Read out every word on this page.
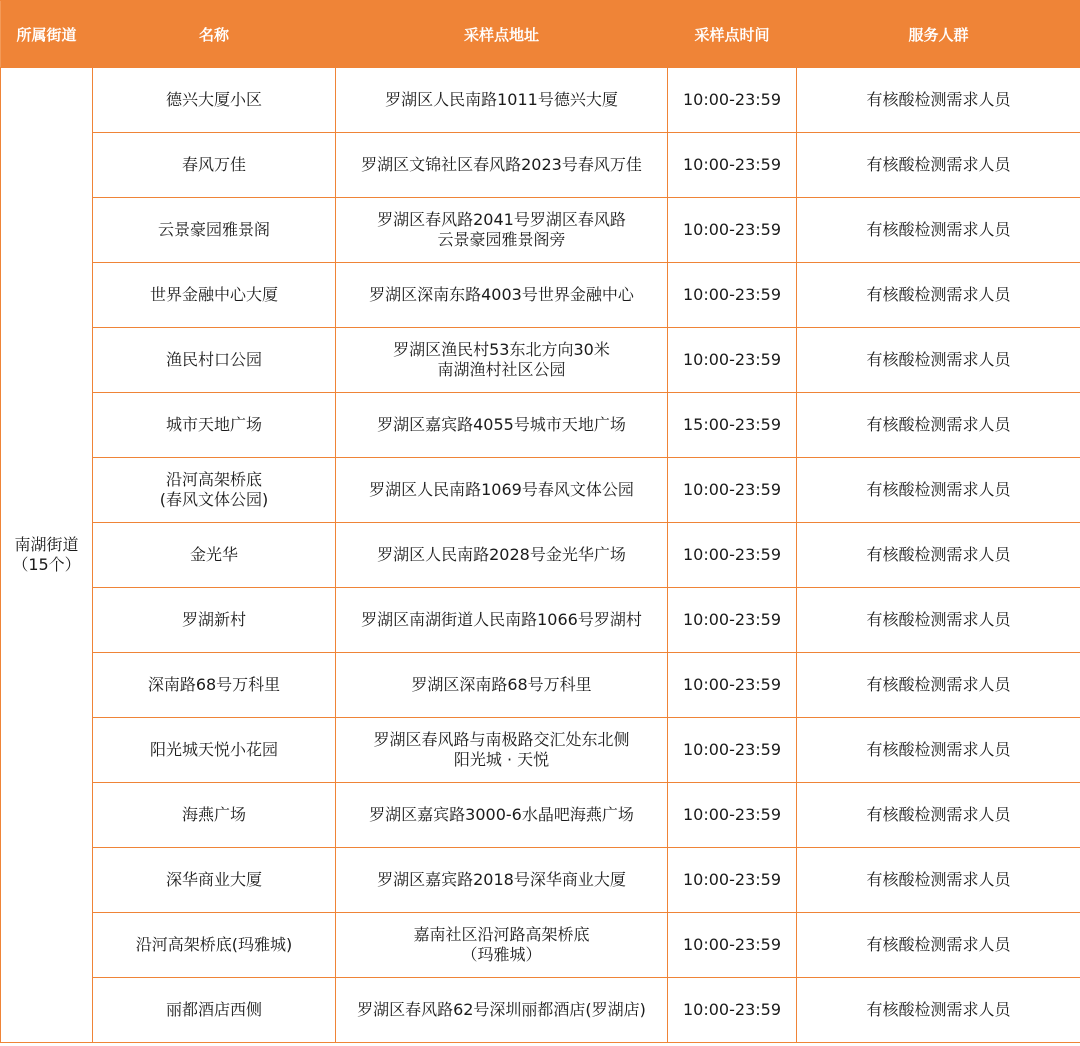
所属街道	名称	采样点地址	采样点时间	服务人群
南湖街道
（15个）	德兴大厦小区	罗湖区人民南路1011号德兴大厦	10:00-23:59	有核酸检测需求人员
	春风万佳	罗湖区文锦社区春风路2023号春风万佳	10:00-23:59	有核酸检测需求人员
	云景豪园雅景阁	罗湖区春风路2041号罗湖区春风路
云景豪园雅景阁旁	10:00-23:59	有核酸检测需求人员
	世界金融中心大厦	罗湖区深南东路4003号世界金融中心	10:00-23:59	有核酸检测需求人员
	渔民村口公园	罗湖区渔民村53东北方向30米
南湖渔村社区公园	10:00-23:59	有核酸检测需求人员
	城市天地广场	罗湖区嘉宾路4055号城市天地广场	15:00-23:59	有核酸检测需求人员
	沿河高架桥底
(春风文体公园)	罗湖区人民南路1069号春风文体公园	10:00-23:59	有核酸检测需求人员
	金光华	罗湖区人民南路2028号金光华广场	10:00-23:59	有核酸检测需求人员
	罗湖新村	罗湖区南湖街道人民南路1066号罗湖村	10:00-23:59	有核酸检测需求人员
	深南路68号万科里	罗湖区深南路68号万科里	10:00-23:59	有核酸检测需求人员
	阳光城天悦小花园	罗湖区春风路与南极路交汇处东北侧
阳光城 · 天悦	10:00-23:59	有核酸检测需求人员
	海燕广场	罗湖区嘉宾路3000-6水晶吧海燕广场	10:00-23:59	有核酸检测需求人员
	深华商业大厦	罗湖区嘉宾路2018号深华商业大厦	10:00-23:59	有核酸检测需求人员
	沿河高架桥底(玛雅城)	嘉南社区沿河路高架桥底
（玛雅城）	10:00-23:59	有核酸检测需求人员
	丽都酒店西侧	罗湖区春风路62号深圳丽都酒店(罗湖店)	10:00-23:59	有核酸检测需求人员
